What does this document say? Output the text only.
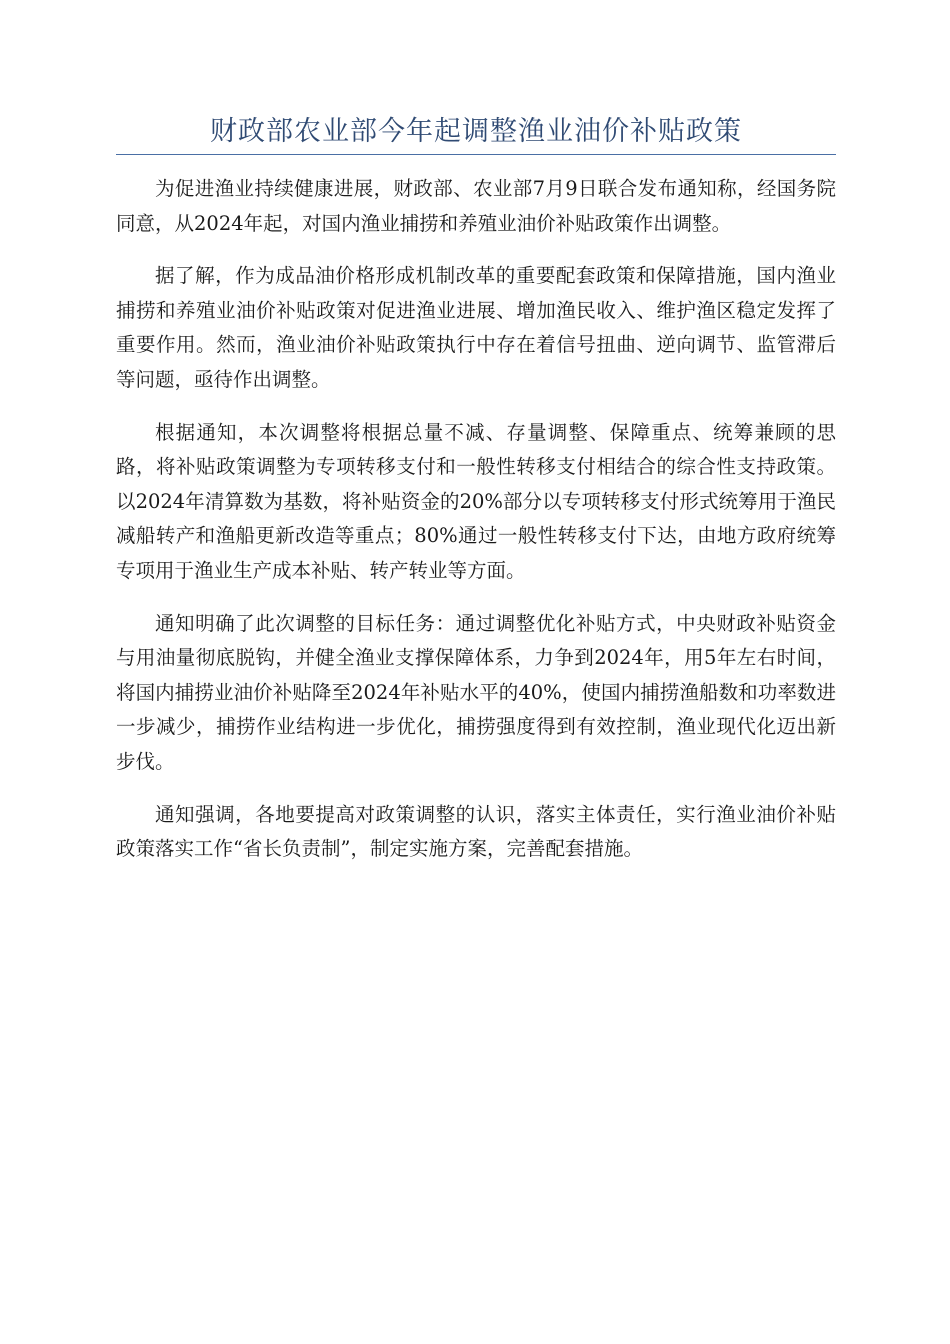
财政部农业部今年起调整渔业油价补贴政策

为促进渔业持续健康进展，财政部、农业部7月9日联合发布通知称，经国务院同意，从2024年起，对国内渔业捕捞和养殖业油价补贴政策作出调整。

据了解，作为成品油价格形成机制改革的重要配套政策和保障措施，国内渔业捕捞和养殖业油价补贴政策对促进渔业进展、增加渔民收入、维护渔区稳定发挥了重要作用。然而，渔业油价补贴政策执行中存在着信号扭曲、逆向调节、监管滞后等问题，亟待作出调整。

根据通知，本次调整将根据总量不减、存量调整、保障重点、统筹兼顾的思路，将补贴政策调整为专项转移支付和一般性转移支付相结合的综合性支持政策。以2024年清算数为基数，将补贴资金的20%部分以专项转移支付形式统筹用于渔民减船转产和渔船更新改造等重点；80%通过一般性转移支付下达，由地方政府统筹专项用于渔业生产成本补贴、转产转业等方面。

通知明确了此次调整的目标任务：通过调整优化补贴方式，中央财政补贴资金与用油量彻底脱钩，并健全渔业支撑保障体系，力争到2024年，用5年左右时间，将国内捕捞业油价补贴降至2024年补贴水平的40%，使国内捕捞渔船数和功率数进一步减少，捕捞作业结构进一步优化，捕捞强度得到有效控制，渔业现代化迈出新步伐。

通知强调，各地要提高对政策调整的认识，落实主体责任，实行渔业油价补贴政策落实工作“省长负责制”，制定实施方案，完善配套措施。
